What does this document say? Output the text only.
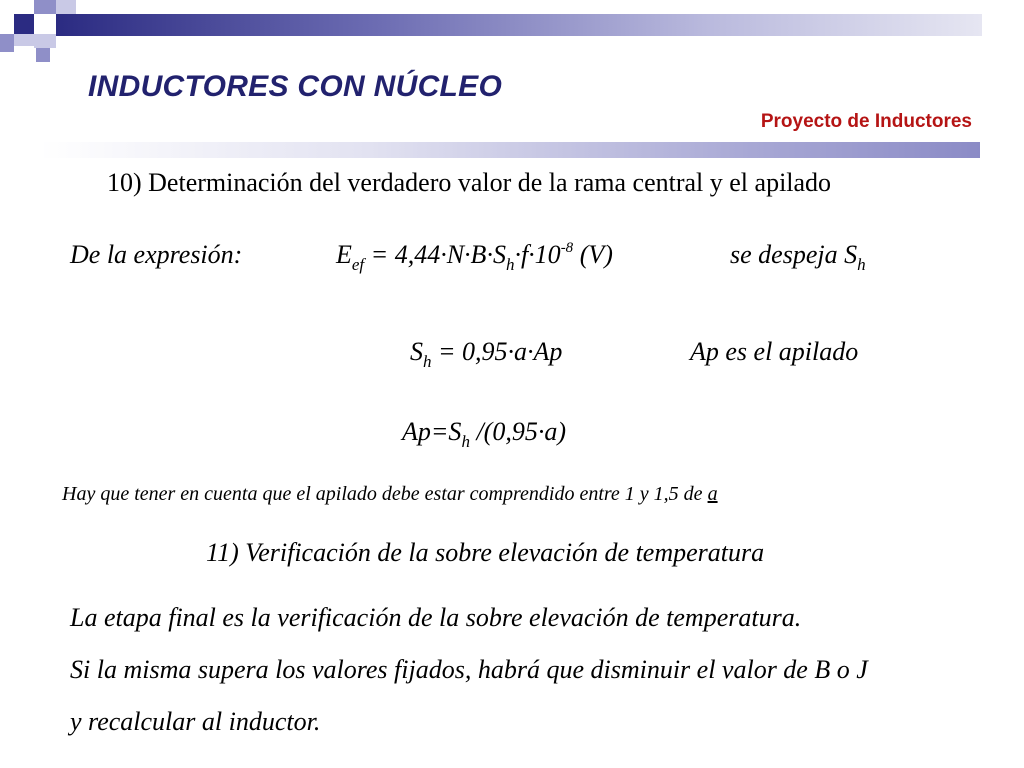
INDUCTORES CON NÚCLEO
Proyecto de Inductores
10) Determinación del verdadero valor de la rama central y el apilado
De la expresión:	$E_{ef} = 4,44\cdot N\cdot B\cdot S_h\cdot f\cdot 10^{-8}$ (V)	se despeja $S_h$
$S_h = 0,95\cdot a\cdot Ap$	Ap es el apilado
$Ap=S_h$ /(0,95·a)
Hay que tener en cuenta que el apilado debe estar comprendido entre 1 y 1,5 de a
11) Verificación de la sobre elevación de temperatura
La etapa final es la verificación de la sobre elevación de temperatura.
Si la misma supera los valores fijados, habrá que disminuir el valor de B o J
y recalcular al inductor.
